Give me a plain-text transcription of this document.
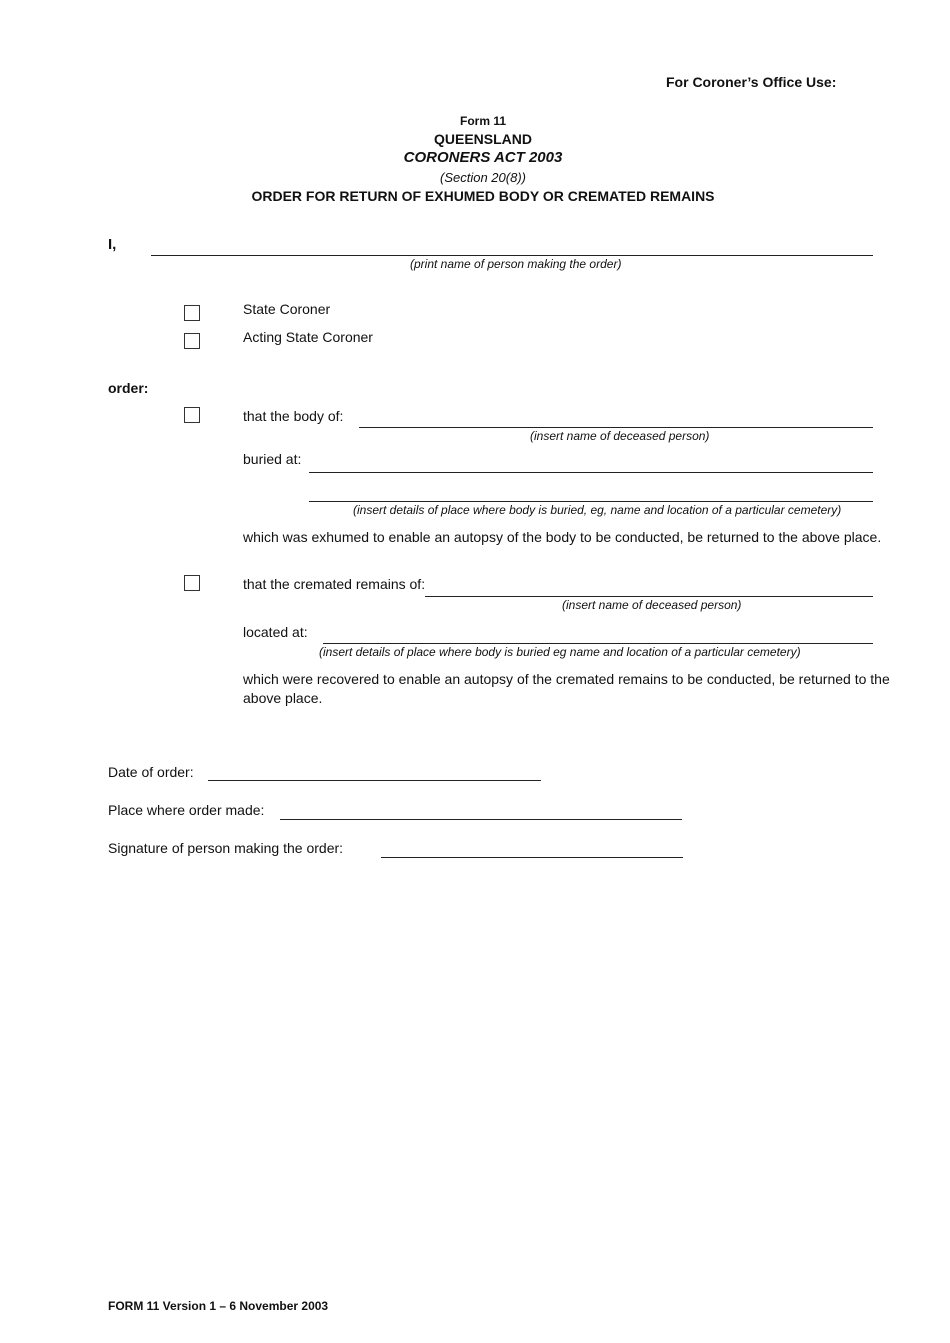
For Coroner’s Office Use:
Form 11
QUEENSLAND
CORONERS ACT 2003
(Section 20(8))
ORDER FOR RETURN OF EXHUMED BODY OR CREMATED REMAINS
I,
(print name of person making the order)
State Coroner
Acting State Coroner
order:
that the body of:
(insert name of deceased person)
buried at:
(insert details of place where body is buried, eg, name and location of a particular cemetery)
which was exhumed to enable an autopsy of the body to be conducted, be returned to the above place.
that the cremated remains of:
(insert name of deceased person)
located at:
(insert details of place where body is buried eg name and location of a particular cemetery)
which were recovered to enable an autopsy of the cremated remains to be conducted, be returned to the
above place.
Date of order:
Place where order made:
Signature of person making the order:
FORM 11 Version 1 – 6 November 2003
